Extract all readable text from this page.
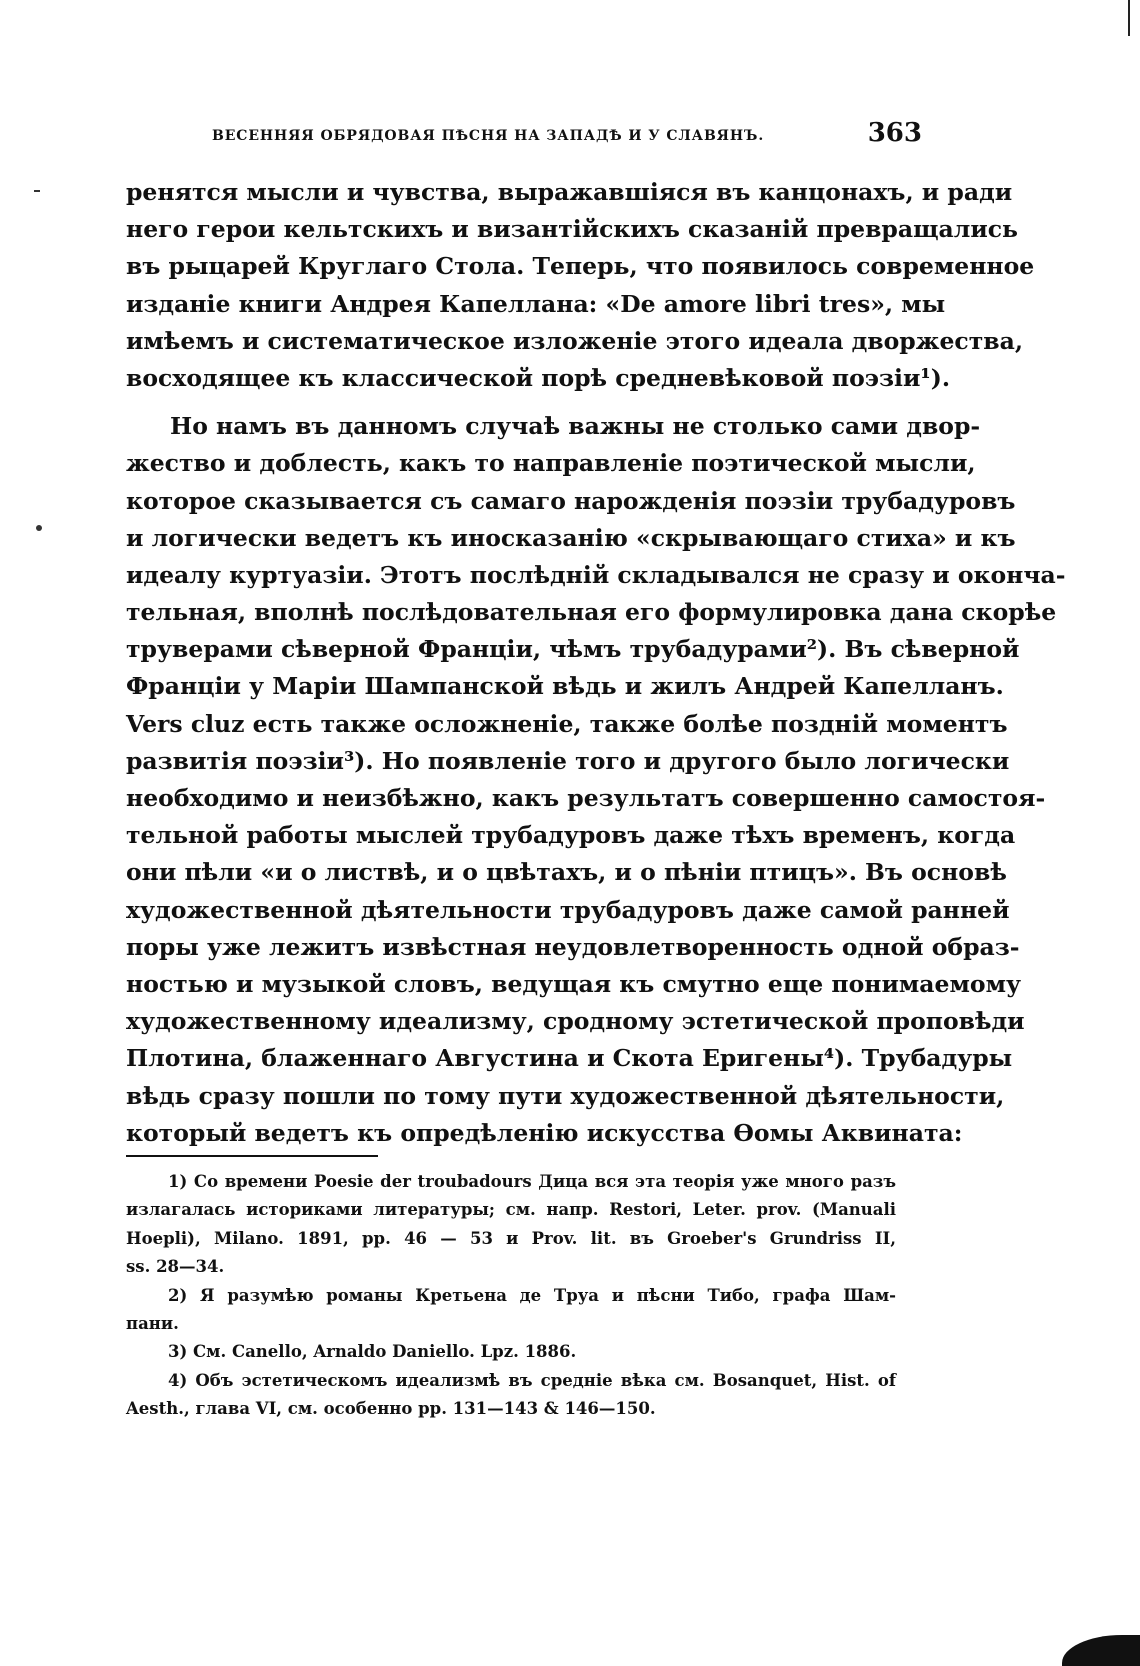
ВЕСЕННЯЯ ОБРЯДОВАЯ ПѢСНЯ НА ЗАПАДѢ И У СЛАВЯНЪ.	363
ренятся мысли и чувства, выражавшіяся въ канцонахъ, и ради
него герои кельтскихъ и византійскихъ сказаній превращались
въ рыцарей Круглаго Стола. Теперь, что появилось современное
изданіе книги Андрея Капеллана: «De amore libri tres», мы
имѣемъ и систематическое изложеніе этого идеала дворжества,
восходящее къ классической порѣ средневѣковой поэзіи¹).
Но намъ въ данномъ случаѣ важны не столько сами двор-
жество и доблесть, какъ то направленіе поэтической мысли,
которое сказывается съ самаго нарожденія поэзіи трубадуровъ
и логически ведетъ къ иносказанію «скрывающаго стиха» и къ
идеалу куртуазіи. Этотъ послѣдній складывался не сразу и оконча-
тельная, вполнѣ послѣдовательная его формулировка дана скорѣе
труверами сѣверной Франціи, чѣмъ трубадурами²). Въ сѣверной
Франціи у Маріи Шампанской вѣдь и жилъ Андрей Капелланъ.
Vers cluz есть также осложненіе, также болѣе поздній моментъ
развитія поэзіи³). Но появленіе того и другого было логически
необходимо и неизбѣжно, какъ результатъ совершенно самостоя-
тельной работы мыслей трубадуровъ даже тѣхъ временъ, когда
они пѣли «и о листвѣ, и о цвѣтахъ, и о пѣніи птицъ». Въ основѣ
художественной дѣятельности трубадуровъ даже самой ранней
поры уже лежитъ извѣстная неудовлетворенность одной образ-
ностью и музыкой словъ, ведущая къ смутно еще понимаемому
художественному идеализму, сродному эстетической проповѣди
Плотина, блаженнаго Августина и Скота Еригены⁴). Трубадуры
вѣдь сразу пошли по тому пути художественной дѣятельности,
который ведетъ къ опредѣленію искусства Ѳомы Аквината:
1) Со времени Poesie der troubadours Дица вся эта теорія уже много разъ
излагалась историками литературы; см. напр. Restori, Leter. prov. (Manuali
Hoepli), Milano. 1891, pp. 46 — 53 и Prov. lit. въ Groeber's Grundriss II,
ss. 28—34.
2) Я разумѣю романы Кретьена де Труа и пѣсни Тибо, графа Шам-
пани.
3) См. Canello, Arnaldo Daniello. Lpz. 1886.
4) Объ эстетическомъ идеализмѣ въ средніе вѣка см. Bosanquet, Hist. of
Aesth., глава VI, см. особенно pp. 131—143 & 146—150.
